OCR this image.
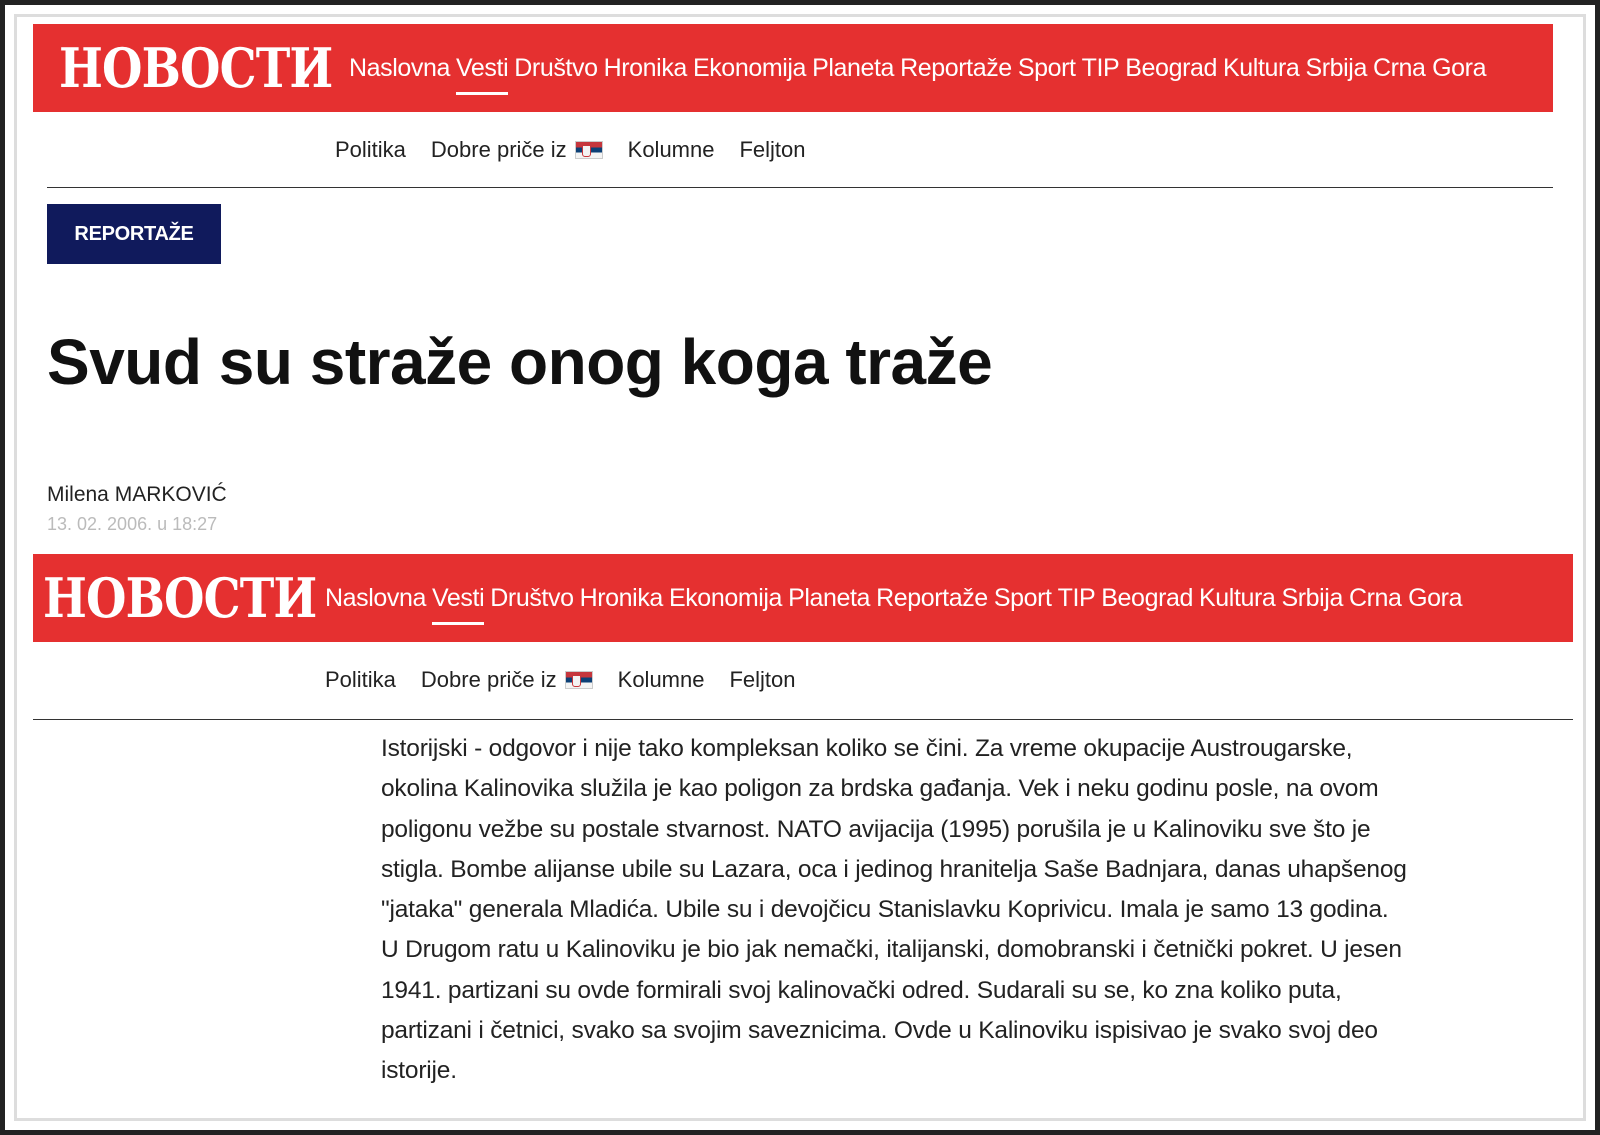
НОВОСТИ Naslovna Vesti Društvo Hronika Ekonomija Planeta Reportaže Sport TIP Beograd Kultura Srbija Crna Gora
Politika Dobre priče iz	Kolumne Feljton
REPORTAŽE
Svud su straže onog koga traže
Milena MARKOVIĆ
13. 02. 2006. u 18:27
НОВОСТИ Naslovna Vesti Društvo Hronika Ekonomija Planeta Reportaže Sport TIP Beograd Kultura Srbija Crna Gora
Politika Dobre priče iz	Kolumne Feljton
Istorijski - odgovor i nije tako kompleksan koliko se čini. Za vreme okupacije Austrougarske,
okolina Kalinovika služila je kao poligon za brdska gađanja. Vek i neku godinu posle, na ovom
poligonu vežbe su postale stvarnost. NATO avijacija (1995) porušila je u Kalinoviku sve što je
stigla. Bombe alijanse ubile su Lazara, oca i jedinog hranitelja Saše Badnjara, danas uhapšenog
"jataka" generala Mladića. Ubile su i devojčicu Stanislavku Koprivicu. Imala je samo 13 godina.
U Drugom ratu u Kalinoviku je bio jak nemački, italijanski, domobranski i četnički pokret. U jesen
1941. partizani su ovde formirali svoj kalinovački odred. Sudarali su se, ko zna koliko puta,
partizani i četnici, svako sa svojim saveznicima. Ovde u Kalinoviku ispisivao je svako svoj deo
istorije.
